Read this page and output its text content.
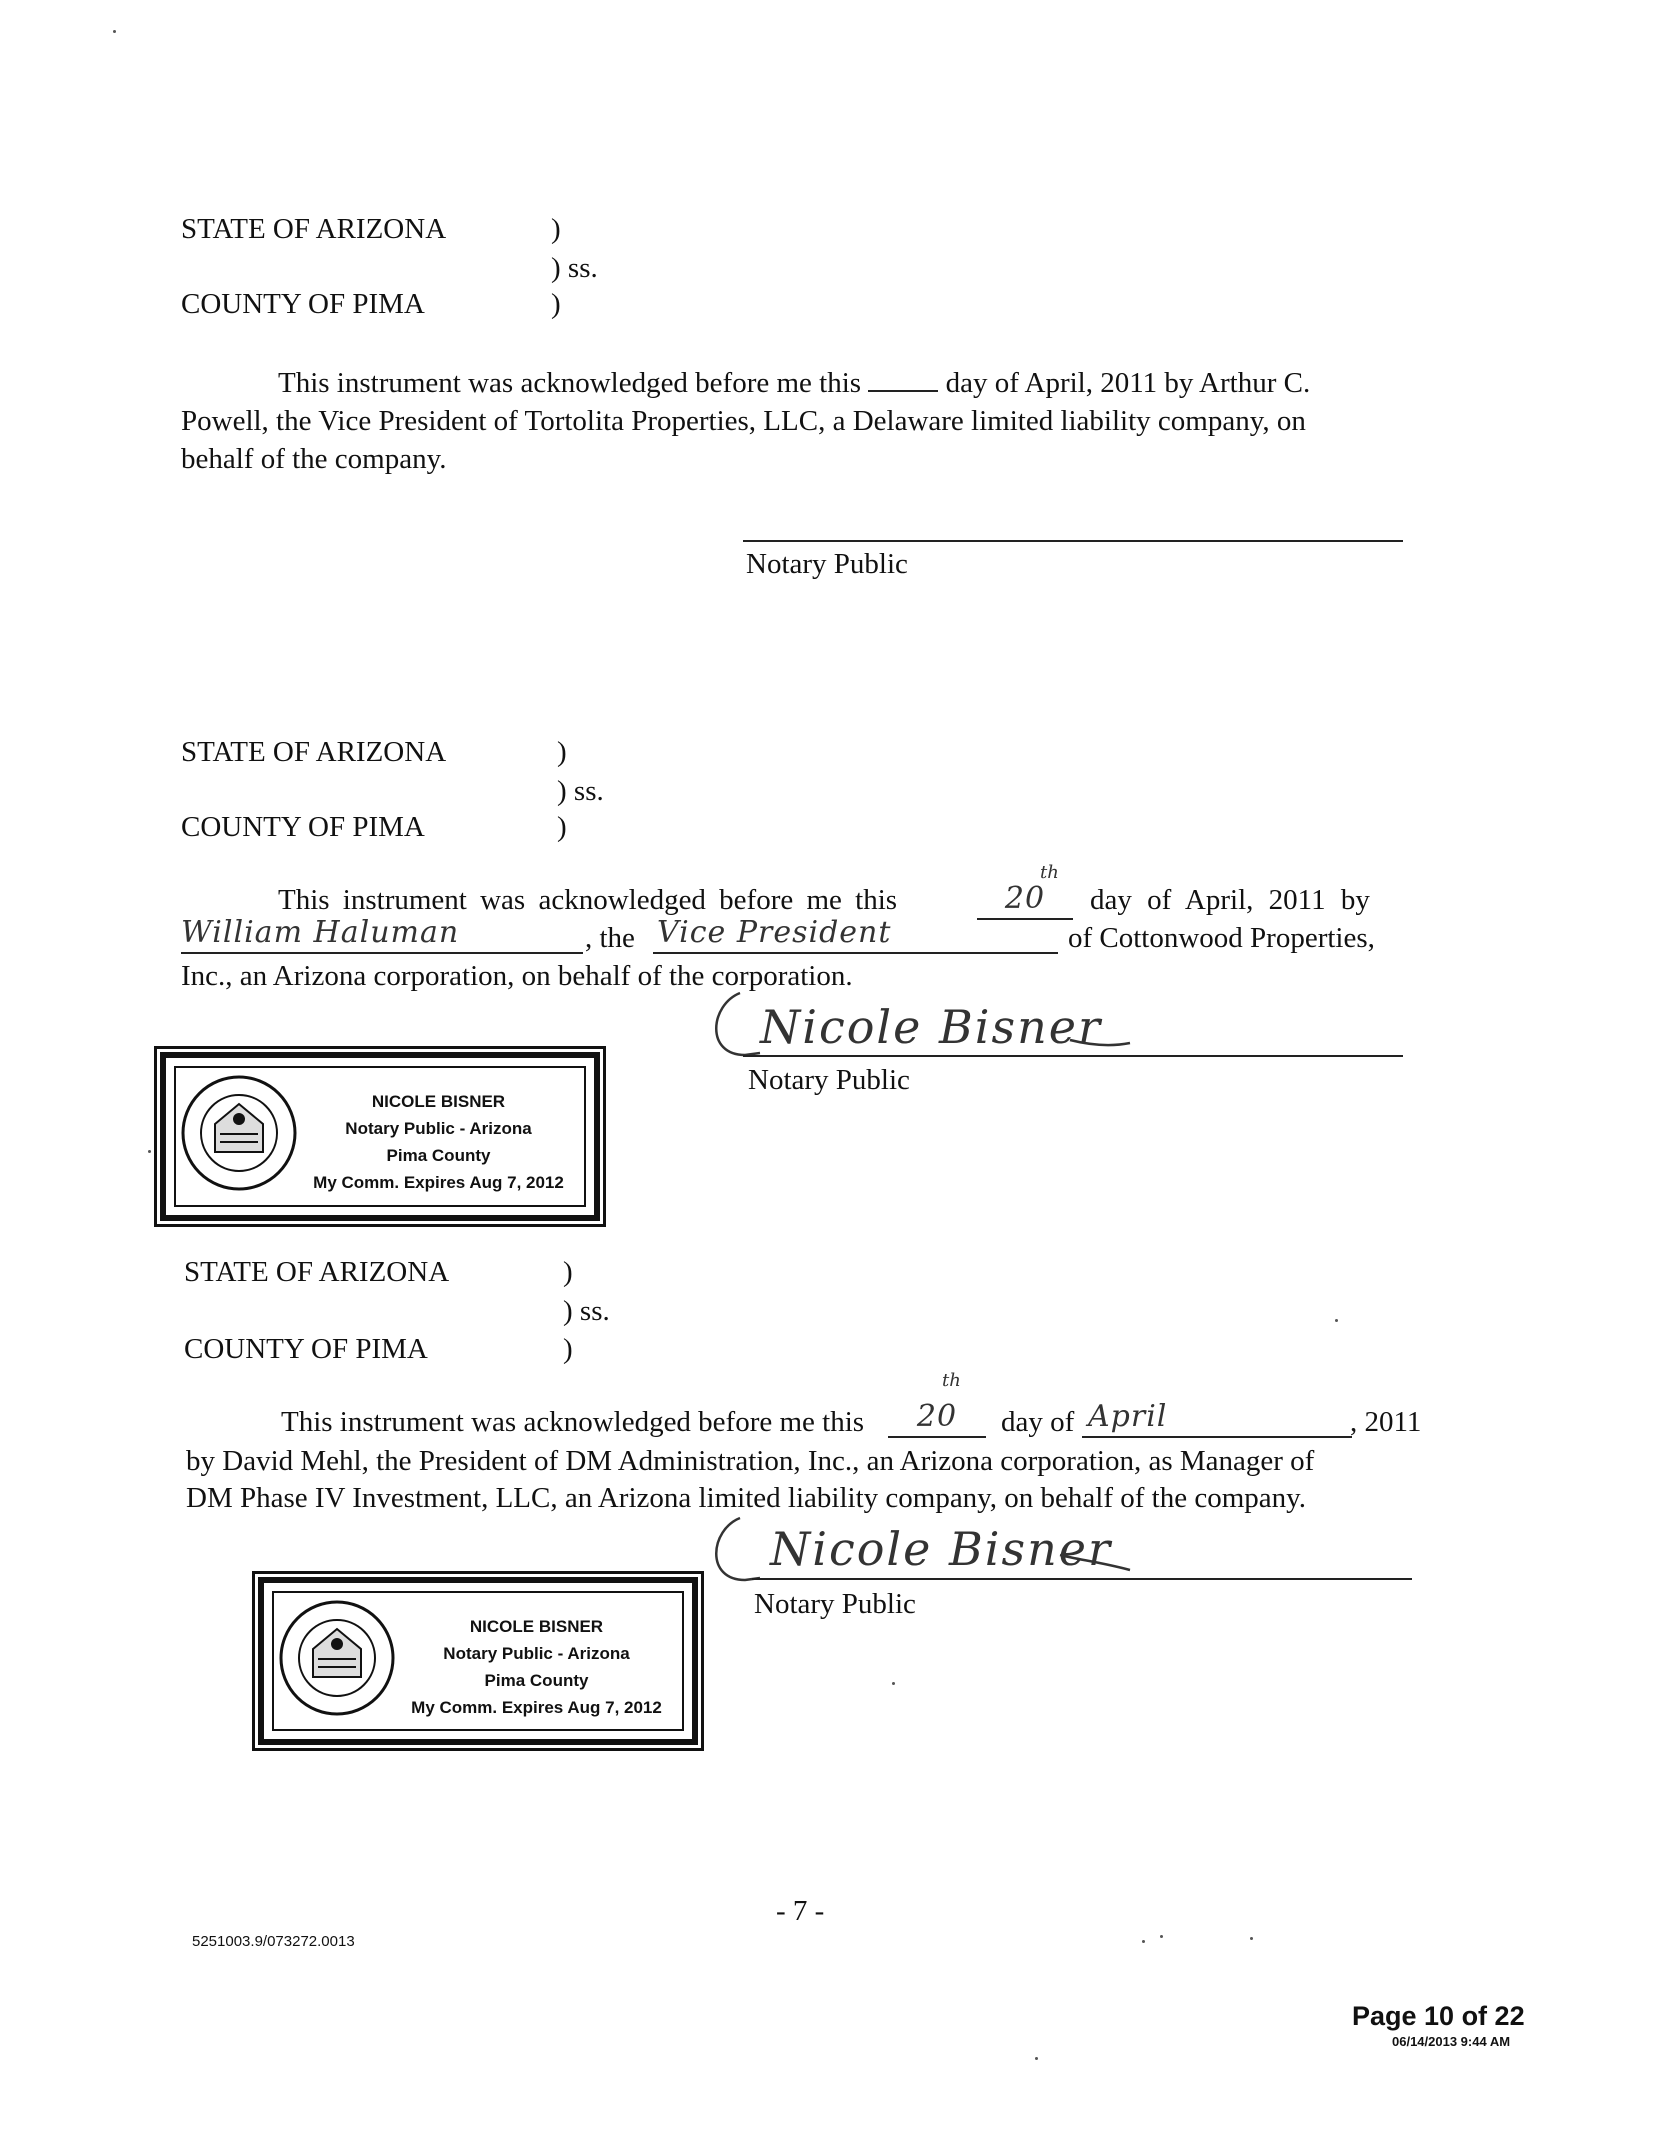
STATE OF ARIZONA	)
) ss.
COUNTY OF PIMA	)
This instrument was acknowledged before me this	day of April, 2011 by Arthur C.
Powell, the Vice President of Tortolita Properties, LLC, a Delaware limited liability company, on
behalf of the company.
Notary Public
STATE OF ARIZONA	)
) ss.
COUNTY OF PIMA	)
This instrument was acknowledged before me this	20
th
day of April, 2011 by
William Haluman	, the Vice President	of Cottonwood Properties,
Inc., an Arizona corporation, on behalf of the corporation.
Nicole Bisner
Notary Public
NICOLE BISNER
Notary Public - Arizona
Pima County
My Comm. Expires Aug 7, 2012
STATE OF ARIZONA	)
) ss.
COUNTY OF PIMA	)
This instrument was acknowledged before me this	20
th
day of April	, 2011
by David Mehl, the President of DM Administration, Inc., an Arizona corporation, as Manager of
DM Phase IV Investment, LLC, an Arizona limited liability company, on behalf of the company.
Nicole Bisner
Notary Public
NICOLE BISNER
Notary Public - Arizona
Pima County
My Comm. Expires Aug 7, 2012
- 7 -
5251003.9/073272.0013
Page 10 of 22
06/14/2013 9:44 AM
